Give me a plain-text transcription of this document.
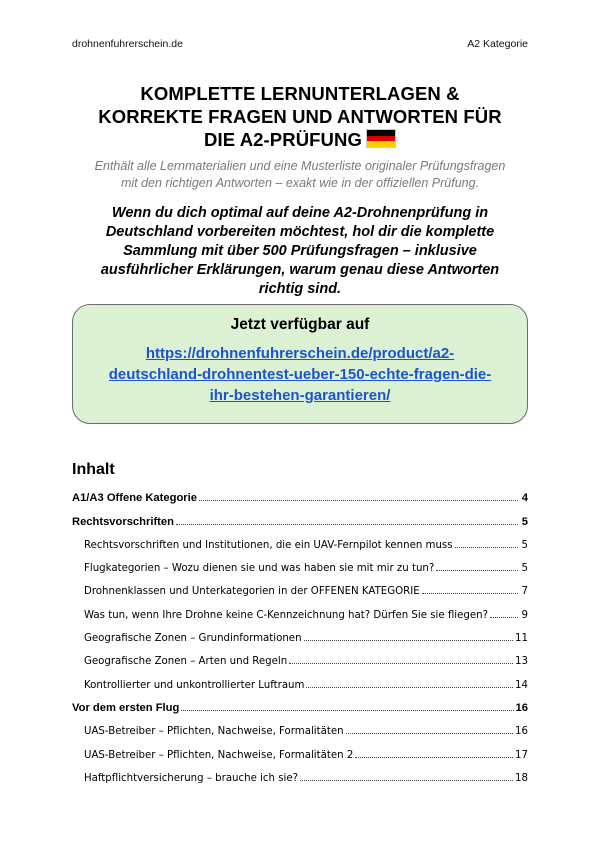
drohnenfuhrerschein.de	A2 Kategorie
KOMPLETTE LERNUNTERLAGEN &
KORREKTE FRAGEN UND ANTWORTEN FÜR
DIE A2-PRÜFUNG
Enthält alle Lernmaterialien und eine Musterliste originaler Prüfungsfragen
mit den richtigen Antworten – exakt wie in der offiziellen Prüfung.
Wenn du dich optimal auf deine A2-Drohnenprüfung in
Deutschland vorbereiten möchtest, hol dir die komplette
Sammlung mit über 500 Prüfungsfragen – inklusive
ausführlicher Erklärungen, warum genau diese Antworten
richtig sind.
Jetzt verfügbar auf
https://drohnenfuhrerschein.de/product/a2-
deutschland-drohnentest-ueber-150-echte-fragen-die-
ihr-bestehen-garantieren/
Inhalt
A1/A3 Offene Kategorie	4
Rechtsvorschriften	5
Rechtsvorschriften und Institutionen, die ein UAV-Fernpilot kennen muss	5
Flugkategorien – Wozu dienen sie und was haben sie mit mir zu tun?	5
Drohnenklassen und Unterkategorien in der OFFENEN KATEGORIE	7
Was tun, wenn Ihre Drohne keine C-Kennzeichnung hat? Dürfen Sie sie fliegen?	9
Geografische Zonen – Grundinformationen	11
Geografische Zonen – Arten und Regeln	13
Kontrollierter und unkontrollierter Luftraum	14
Vor dem ersten Flug	16
UAS-Betreiber – Pflichten, Nachweise, Formalitäten	16
UAS-Betreiber – Pflichten, Nachweise, Formalitäten 2	17
Haftpflichtversicherung – brauche ich sie?	18
